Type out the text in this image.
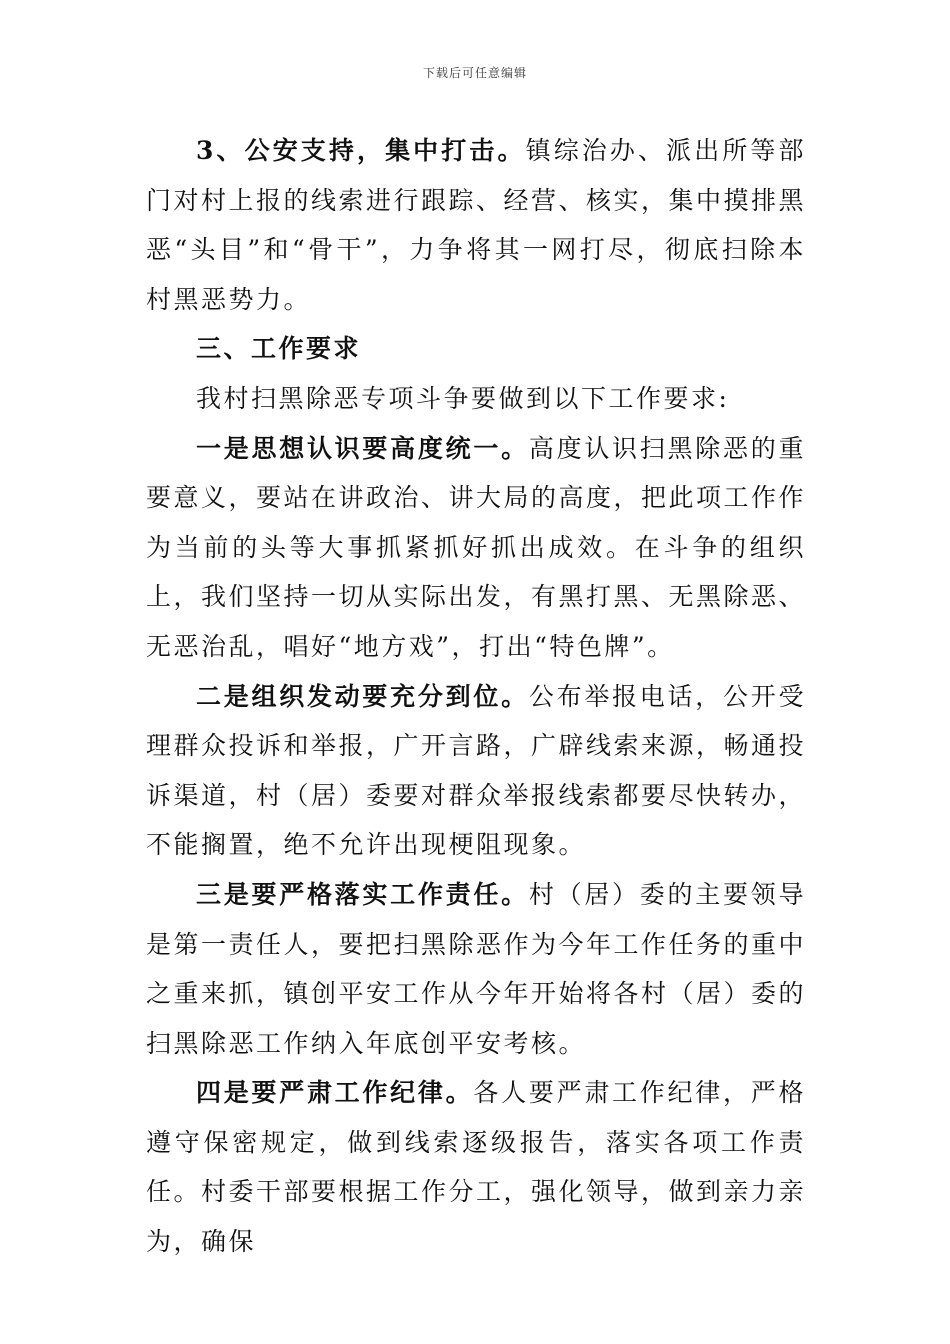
下载后可任意编辑

3、公安支持，集中打击。镇综治办、派出所等部门对村上报的线索进行跟踪、经营、核实，集中摸排黑恶“头目”和“骨干”，力争将其一网打尽，彻底扫除本村黑恶势力。

三、工作要求

我村扫黑除恶专项斗争要做到以下工作要求:

一是思想认识要高度统一。高度认识扫黑除恶的重要意义，要站在讲政治、讲大局的高度，把此项工作作为当前的头等大事抓紧抓好抓出成效。在斗争的组织上，我们坚持一切从实际出发，有黑打黑、无黑除恶、无恶治乱，唱好“地方戏”，打出“特色牌”。

二是组织发动要充分到位。公布举报电话，公开受理群众投诉和举报，广开言路，广辟线索来源，畅通投诉渠道，村（居）委要对群众举报线索都要尽快转办，不能搁置，绝不允许出现梗阻现象。

三是要严格落实工作责任。村（居）委的主要领导是第一责任人，要把扫黑除恶作为今年工作任务的重中之重来抓，镇创平安工作从今年开始将各村（居）委的扫黑除恶工作纳入年底创平安考核。

四是要严肃工作纪律。各人要严肃工作纪律，严格遵守保密规定，做到线索逐级报告，落实各项工作责任。村委干部要根据工作分工，强化领导，做到亲力亲为，确保
